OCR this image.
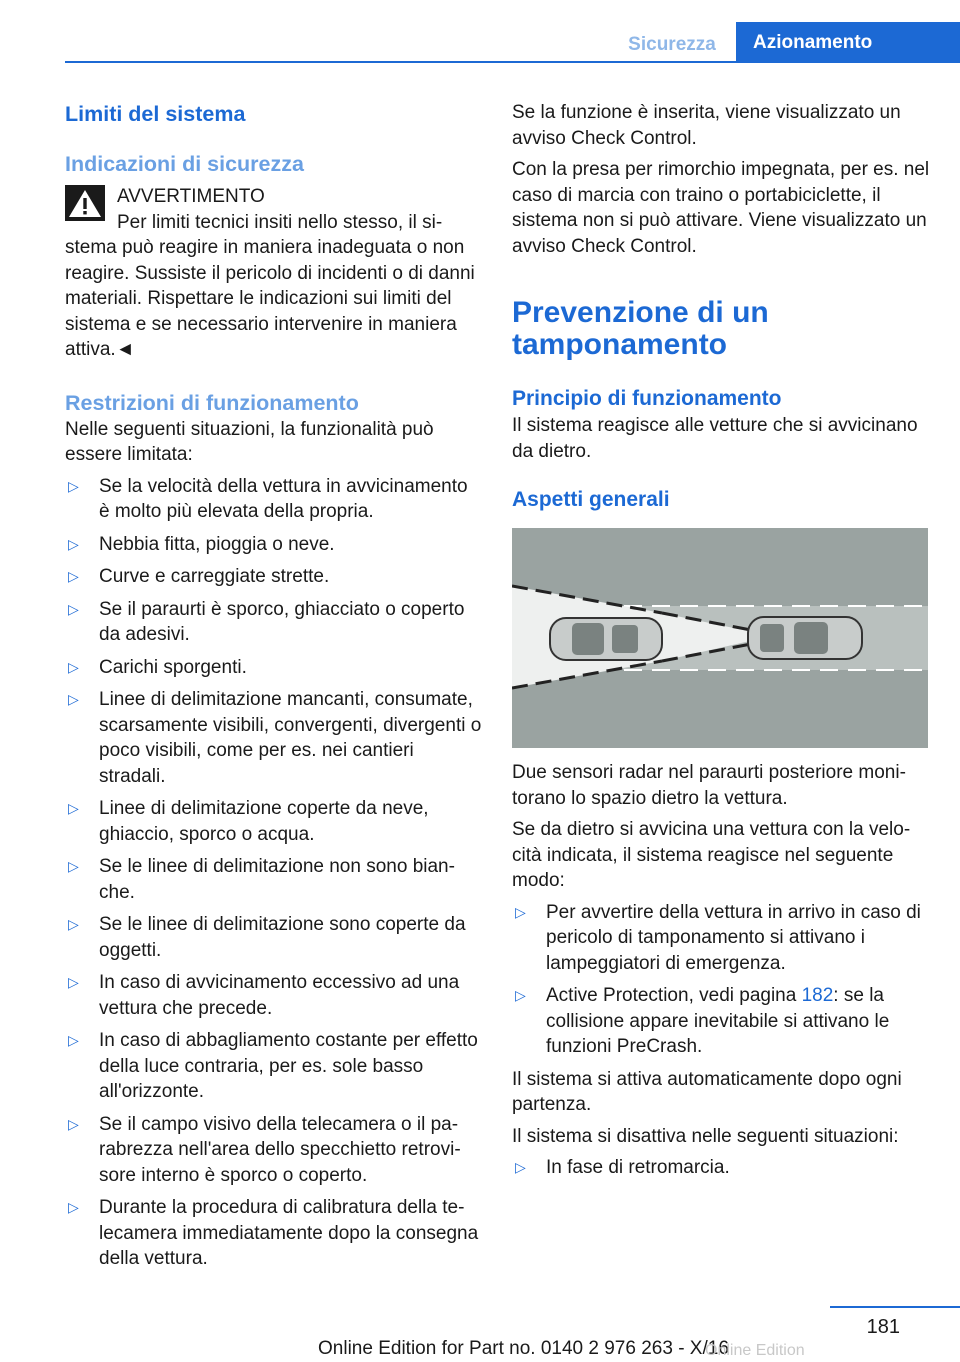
Sicurezza	Azionamento
Limiti del sistema
Indicazioni di sicurezza

AVVERTIMENTO

Per limiti tecnici insiti nello stesso, il sistema può reagire in maniera inadeguata o non reagire. Sussiste il pericolo di incidenti o di danni materiali. Rispettare le indicazioni sui limiti del sistema e se necessario intervenire in maniera attiva.◄

Restrizioni di funzionamento

Nelle seguenti situazioni, la funzionalità può essere limitata:

▷ Se la velocità della vettura in avvicinamento è molto più elevata della propria.
▷ Nebbia fitta, pioggia o neve.
▷ Curve e carreggiate strette.
▷ Se il paraurti è sporco, ghiacciato o coperto da adesivi.
▷ Carichi sporgenti.
▷ Linee di delimitazione mancanti, consumate, scarsamente visibili, convergenti, divergenti o poco visibili, come per es. nei cantieri stradali.
▷ Linee di delimitazione coperte da neve, ghiaccio, sporco o acqua.
▷ Se le linee di delimitazione non sono bianche.
▷ Se le linee di delimitazione sono coperte da oggetti.
▷ In caso di avvicinamento eccessivo ad una vettura che precede.
▷ In caso di abbagliamento costante per effetto della luce contraria, per es. sole basso all'orizzonte.
▷ Se il campo visivo della telecamera o il parabrezza nell'area dello specchietto retrovisore interno è sporco o coperto.
▷ Durante la procedura di calibratura della telecamera immediatamente dopo la consegna della vettura.

Se la funzione è inserita, viene visualizzato un avviso Check Control.

Con la presa per rimorchio impegnata, per es. nel caso di marcia con traino o portabiciclette, il sistema non si può attivare. Viene visualizzato un avviso Check Control.

Prevenzione di un tamponamento
Principio di funzionamento

Il sistema reagisce alle vetture che si avvicinano da dietro.

Aspetti generali

Due sensori radar nel paraurti posteriore monitorano lo spazio dietro la vettura.

Se da dietro si avvicina una vettura con la velocità indicata, il sistema reagisce nel seguente modo:

▷ Per avvertire della vettura in arrivo in caso di pericolo di tamponamento si attivano i lampeggiatori di emergenza.
▷ Active Protection, vedi pagina 182: se la collisione appare inevitabile si attivano le funzioni PreCrash.

Il sistema si attiva automaticamente dopo ogni partenza.

Il sistema si disattiva nelle seguenti situazioni:

▷ In fase di retromarcia.
181
Online Edition for Part no. 0140 2 976 263 - X/16
Online Edition
